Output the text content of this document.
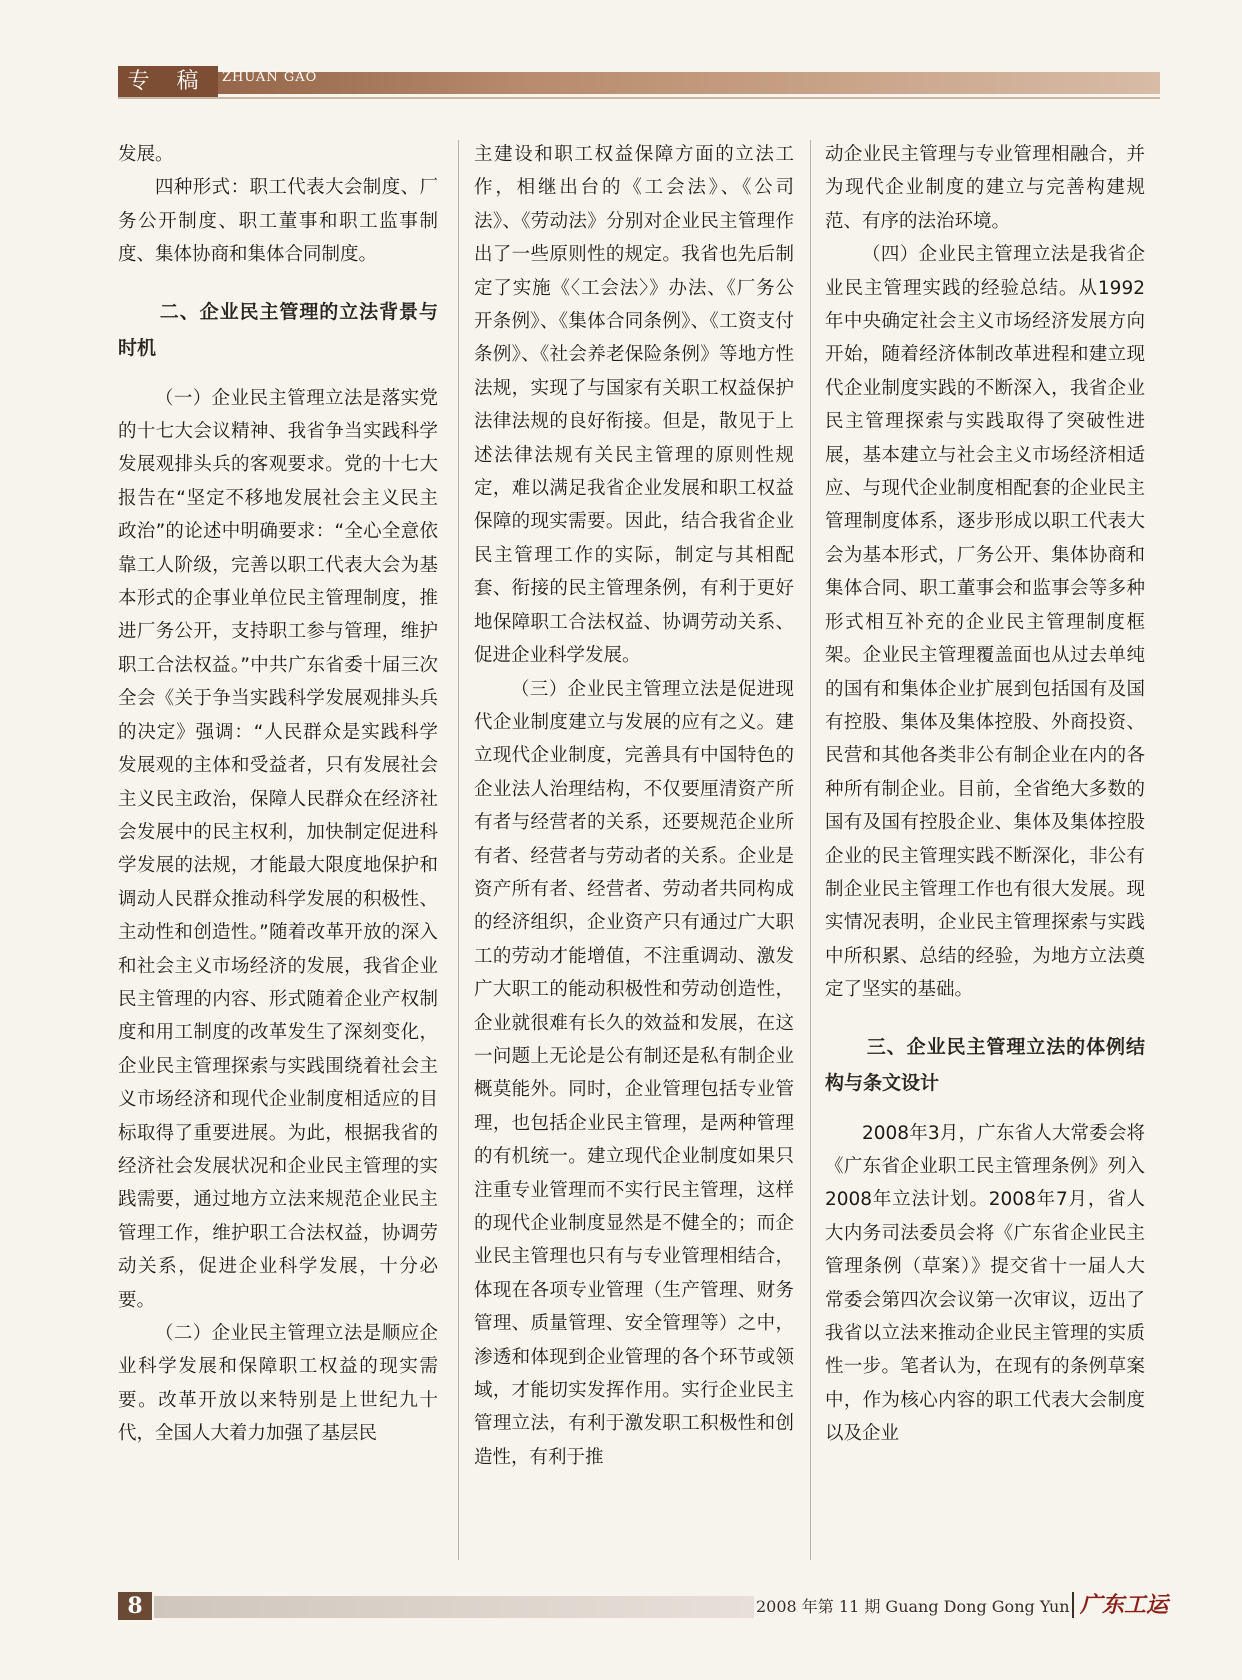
专 稿	ZHUAN GAO

发展。

四种形式：职工代表大会制度、厂务公开制度、职工董事和职工监事制度、集体协商和集体合同制度。

二、企业民主管理的立法背景与时机

（一）企业民主管理立法是落实党的十七大会议精神、我省争当实践科学发展观排头兵的客观要求。党的十七大报告在“坚定不移地发展社会主义民主政治”的论述中明确要求：“全心全意依靠工人阶级，完善以职工代表大会为基本形式的企事业单位民主管理制度，推进厂务公开，支持职工参与管理，维护职工合法权益。”中共广东省委十届三次全会《关于争当实践科学发展观排头兵的决定》强调：“人民群众是实践科学发展观的主体和受益者，只有发展社会主义民主政治，保障人民群众在经济社会发展中的民主权利，加快制定促进科学发展的法规，才能最大限度地保护和调动人民群众推动科学发展的积极性、主动性和创造性。”随着改革开放的深入和社会主义市场经济的发展，我省企业民主管理的内容、形式随着企业产权制度和用工制度的改革发生了深刻变化，企业民主管理探索与实践围绕着社会主义市场经济和现代企业制度相适应的目标取得了重要进展。为此，根据我省的经济社会发展状况和企业民主管理的实践需要，通过地方立法来规范企业民主管理工作，维护职工合法权益，协调劳动关系，促进企业科学发展，十分必要。

（二）企业民主管理立法是顺应企业科学发展和保障职工权益的现实需要。改革开放以来特别是上世纪九十代，全国人大着力加强了基层民

主建设和职工权益保障方面的立法工作，相继出台的《工会法》、《公司法》、《劳动法》分别对企业民主管理作出了一些原则性的规定。我省也先后制定了实施《〈工会法〉》办法、《厂务公开条例》、《集体合同条例》、《工资支付条例》、《社会养老保险条例》等地方性法规，实现了与国家有关职工权益保护法律法规的良好衔接。但是，散见于上述法律法规有关民主管理的原则性规定，难以满足我省企业发展和职工权益保障的现实需要。因此，结合我省企业民主管理工作的实际，制定与其相配套、衔接的民主管理条例，有利于更好地保障职工合法权益、协调劳动关系、促进企业科学发展。

（三）企业民主管理立法是促进现代企业制度建立与发展的应有之义。建立现代企业制度，完善具有中国特色的企业法人治理结构，不仅要厘清资产所有者与经营者的关系，还要规范企业所有者、经营者与劳动者的关系。企业是资产所有者、经营者、劳动者共同构成的经济组织，企业资产只有通过广大职工的劳动才能增值，不注重调动、激发广大职工的能动积极性和劳动创造性，企业就很难有长久的效益和发展，在这一问题上无论是公有制还是私有制企业概莫能外。同时，企业管理包括专业管理，也包括企业民主管理，是两种管理的有机统一。建立现代企业制度如果只注重专业管理而不实行民主管理，这样的现代企业制度显然是不健全的；而企业民主管理也只有与专业管理相结合，体现在各项专业管理（生产管理、财务管理、质量管理、安全管理等）之中，渗透和体现到企业管理的各个环节或领域，才能切实发挥作用。实行企业民主管理立法，有利于激发职工积极性和创造性，有利于推

动企业民主管理与专业管理相融合，并为现代企业制度的建立与完善构建规范、有序的法治环境。

（四）企业民主管理立法是我省企业民主管理实践的经验总结。从1992年中央确定社会主义市场经济发展方向开始，随着经济体制改革进程和建立现代企业制度实践的不断深入，我省企业民主管理探索与实践取得了突破性进展，基本建立与社会主义市场经济相适应、与现代企业制度相配套的企业民主管理制度体系，逐步形成以职工代表大会为基本形式，厂务公开、集体协商和集体合同、职工董事会和监事会等多种形式相互补充的企业民主管理制度框架。企业民主管理覆盖面也从过去单纯的国有和集体企业扩展到包括国有及国有控股、集体及集体控股、外商投资、民营和其他各类非公有制企业在内的各种所有制企业。目前，全省绝大多数的国有及国有控股企业、集体及集体控股企业的民主管理实践不断深化，非公有制企业民主管理工作也有很大发展。现实情况表明，企业民主管理探索与实践中所积累、总结的经验，为地方立法奠定了坚实的基础。

三、企业民主管理立法的体例结构与条文设计

2008年3月，广东省人大常委会将《广东省企业职工民主管理条例》列入2008年立法计划。2008年7月，省人大内务司法委员会将《广东省企业民主管理条例（草案）》提交省十一届人大常委会第四次会议第一次审议，迈出了我省以立法来推动企业民主管理的实质性一步。笔者认为，在现有的条例草案中，作为核心内容的职工代表大会制度以及企业

8	2008 年第 11 期 Guang Dong Gong Yun 广东工运
